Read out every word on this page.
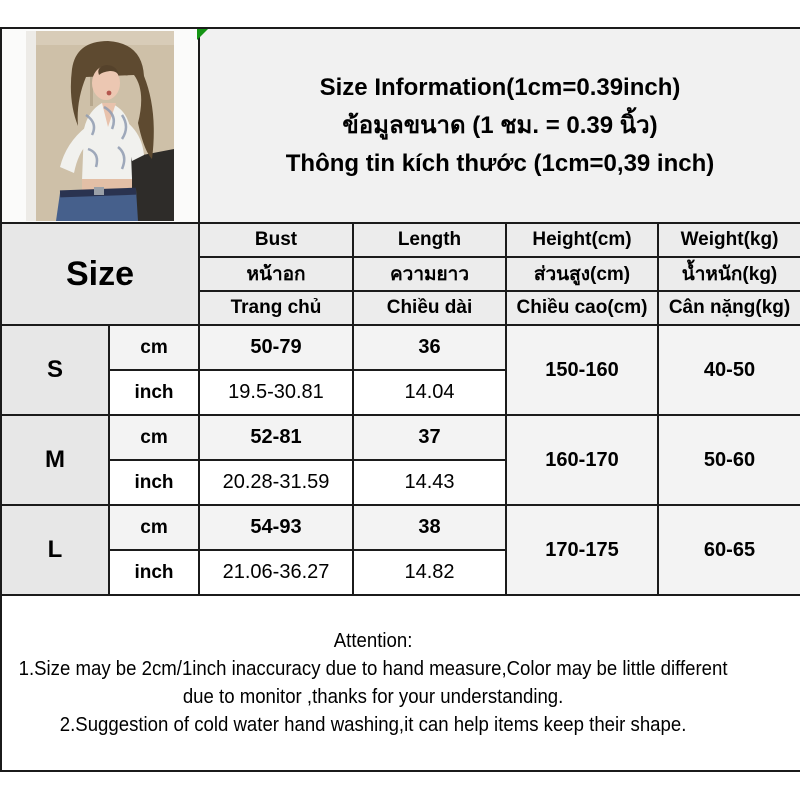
Size Information(1cm=0.39inch)
ข้อมูลขนาด (1 ชม. = 0.39 นิ้ว)
Thông tin kích thước (1cm=0,39 inch)			

Size		Bust	Length	Height(cm)	Weight(kg)
		หน้าอก	ความยาว	ส่วนสูง(cm)	น้ำหนัก(kg)
		Trang chủ	Chiều dài	Chiều cao(cm)	Cân nặng(kg)
S	cm	50-79	36	150-160	40-50
	inch	19.5-30.81	14.04		
M	cm	52-81	37	160-170	50-60
	inch	20.28-31.59	14.43		
L	cm	54-93	38	170-175	60-65
	inch	21.06-36.27	14.82		

Attention:
1.Size may be 2cm/1inch inaccuracy due to hand measure,Color may be little different
due to monitor ,thanks for your understanding.
2.Suggestion of cold water hand washing,it can help items keep their shape.					
